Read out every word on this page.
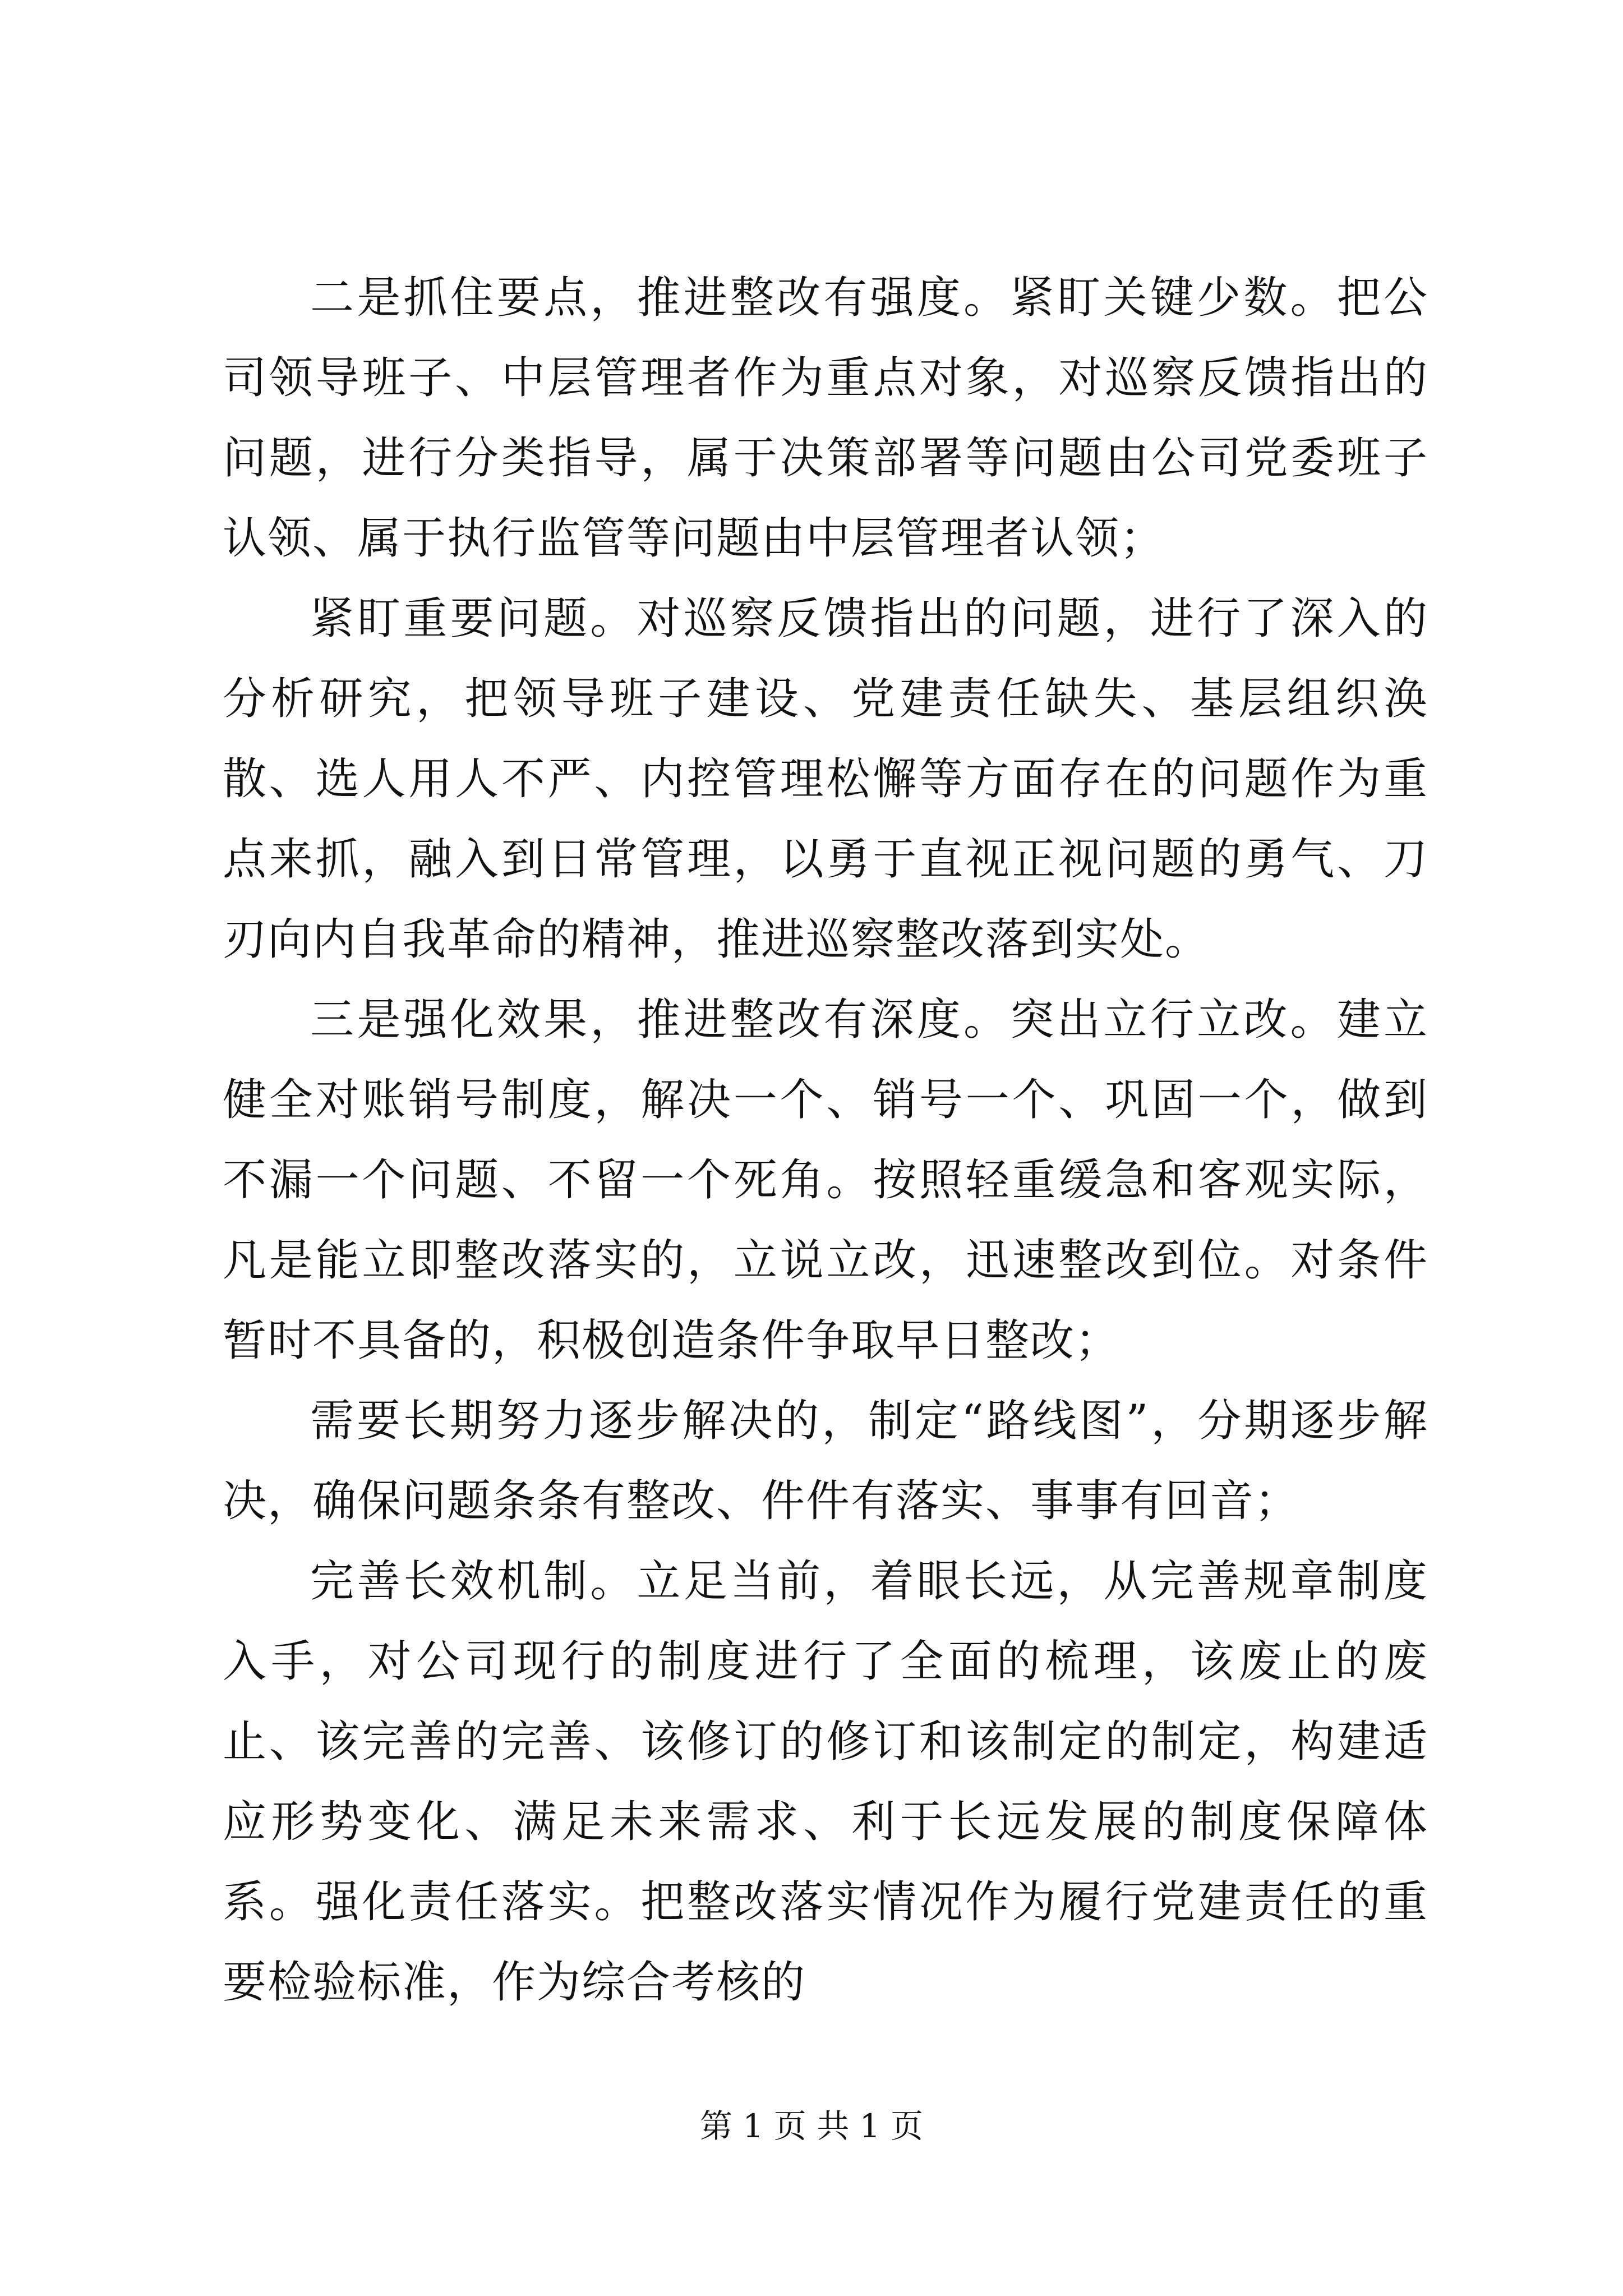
二是抓住要点，推进整改有强度。紧盯关键少数。把公司领导班子、中层管理者作为重点对象，对巡察反馈指出的问题，进行分类指导，属于决策部署等问题由公司党委班子认领、属于执行监管等问题由中层管理者认领；

紧盯重要问题。对巡察反馈指出的问题，进行了深入的分析研究，把领导班子建设、党建责任缺失、基层组织涣散、选人用人不严、内控管理松懈等方面存在的问题作为重点来抓，融入到日常管理，以勇于直视正视问题的勇气、刀刃向内自我革命的精神，推进巡察整改落到实处。

三是强化效果，推进整改有深度。突出立行立改。建立健全对账销号制度，解决一个、销号一个、巩固一个，做到不漏一个问题、不留一个死角。按照轻重缓急和客观实际，凡是能立即整改落实的，立说立改，迅速整改到位。对条件暂时不具备的，积极创造条件争取早日整改；

需要长期努力逐步解决的，制定“路线图”，分期逐步解决，确保问题条条有整改、件件有落实、事事有回音；

完善长效机制。立足当前，着眼长远，从完善规章制度入手，对公司现行的制度进行了全面的梳理，该废止的废止、该完善的完善、该修订的修订和该制定的制定，构建适应形势变化、满足未来需求、利于长远发展的制度保障体系。强化责任落实。把整改落实情况作为履行党建责任的重要检验标准，作为综合考核的

第 1 页 共 1 页
